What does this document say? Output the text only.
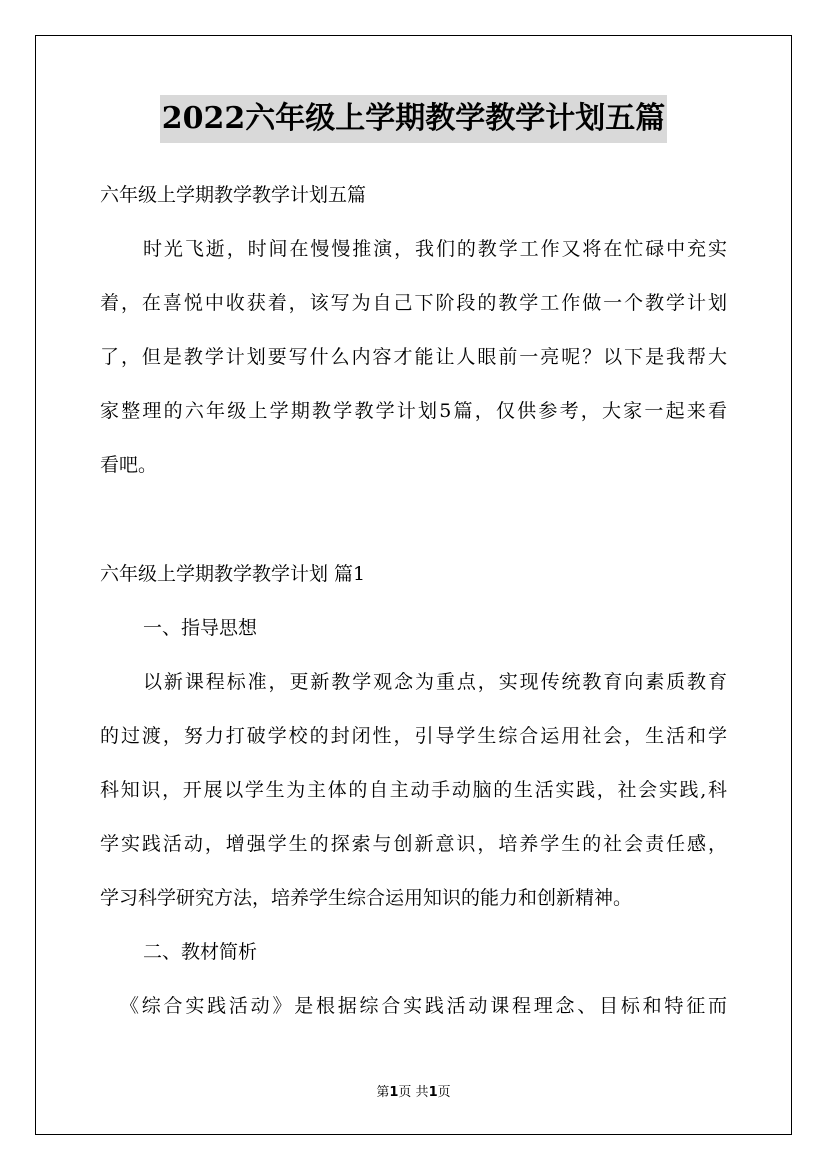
2022六年级上学期教学教学计划五篇
六年级上学期教学教学计划五篇
时光飞逝，时间在慢慢推演，我们的教学工作又将在忙碌中充实
着，在喜悦中收获着，该写为自己下阶段的教学工作做一个教学计划
了，但是教学计划要写什么内容才能让人眼前一亮呢？以下是我帮大
家整理的六年级上学期教学教学计划5篇，仅供参考，大家一起来看
看吧。
六年级上学期教学教学计划 篇1
一、指导思想
以新课程标准，更新教学观念为重点，实现传统教育向素质教育
的过渡，努力打破学校的封闭性，引导学生综合运用社会，生活和学
科知识，开展以学生为主体的自主动手动脑的生活实践，社会实践,科
学实践活动，增强学生的探索与创新意识，培养学生的社会责任感，
学习科学研究方法，培养学生综合运用知识的能力和创新精神。
二、教材简析
《综合实践活动》是根据综合实践活动课程理念、目标和特征而
第1页 共1页
